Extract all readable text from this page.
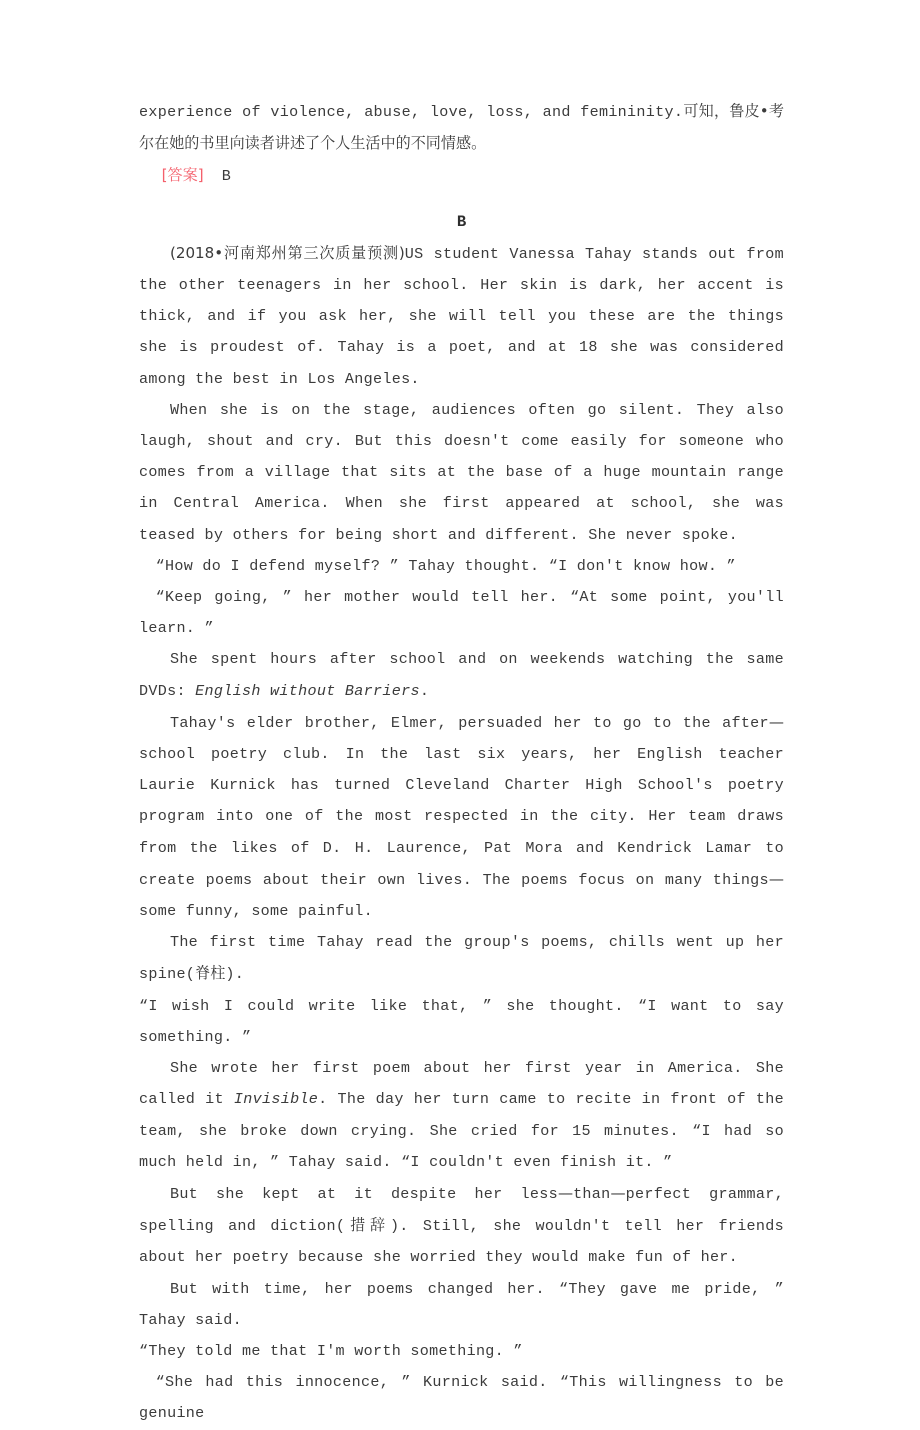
experience of violence, abuse, love, loss, and femininity.可知，鲁皮•考尔在她的书里向读者讲述了个人生活中的不同情感。

[答案] B

B

(2018•河南郑州第三次质量预测)US student Vanessa Tahay stands out from the other teenagers in her school. Her skin is dark, her accent is thick, and if you ask her, she will tell you these are the things she is proudest of. Tahay is a poet, and at 18 she was considered among the best in Los Angeles.

When she is on the stage, audiences often go silent. They also laugh, shout and cry. But this doesn't come easily for someone who comes from a village that sits at the base of a huge mountain range in Central America. When she first appeared at school, she was teased by others for being short and different. She never spoke.

“How do I defend myself? ” Tahay thought. “I don't know how. ”

“Keep going, ” her mother would tell her. “At some point, you'll learn. ”

She spent hours after school and on weekends watching the same DVDs: English without Barriers.

Tahay's elder brother, Elmer, persuaded her to go to the after—school poetry club. In the last six years, her English teacher Laurie Kurnick has turned Cleveland Charter High School's poetry program into one of the most respected in the city. Her team draws from the likes of D. H. Laurence, Pat Mora and Kendrick Lamar to create poems about their own lives. The poems focus on many things—some funny, some painful.

The first time Tahay read the group's poems, chills went up her spine(脊柱).

“I wish I could write like that, ” she thought. “I want to say something. ”

She wrote her first poem about her first year in America. She called it Invisible. The day her turn came to recite in front of the team, she broke down crying. She cried for 15 minutes. “I had so much held in, ” Tahay said. “I couldn't even finish it. ”

But she kept at it despite her less—than—perfect grammar, spelling and diction(措辞). Still, she wouldn't tell her friends about her poetry because she worried they would make fun of her.

But with time, her poems changed her. “They gave me pride, ” Tahay said.

“They told me that I'm worth something. ”

“She had this innocence, ” Kurnick said. “This willingness to be genuine
